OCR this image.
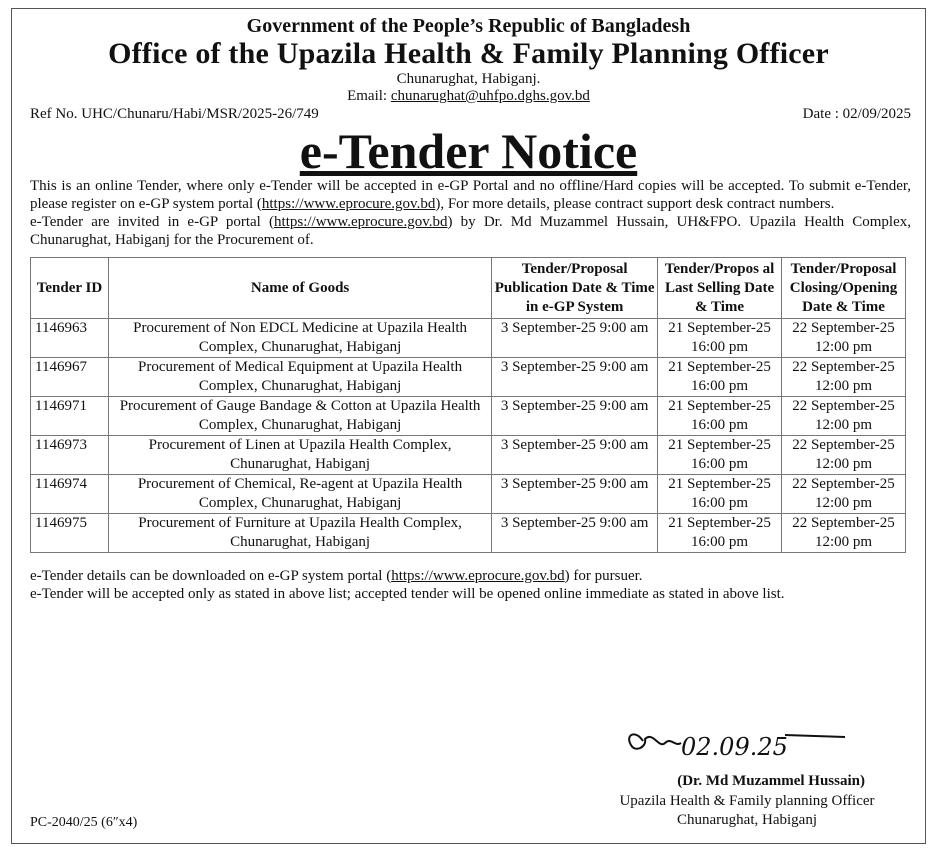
Government of the People’s Republic of Bangladesh
Office of the Upazila Health & Family Planning Officer
Chunarughat, Habiganj.
Email: chunarughat@uhfpo.dghs.gov.bd
Ref No. UHC/Chunaru/Habi/MSR/2025-26/749	Date : 02/09/2025
e-Tender Notice
This is an online Tender, where only e-Tender will be accepted in e-GP Portal and no offline/Hard copies will be accepted. To submit e-Tender, please register on e-GP system portal (https://www.eprocure.gov.bd), For more details, please contract support desk contract numbers.
e-Tender are invited in e-GP portal (https://www.eprocure.gov.bd) by Dr. Md Muzammel Hussain, UH&FPO. Upazila Health Complex, Chunarughat, Habiganj for the Procurement of.
Tender ID	Name of Goods	Tender/Proposal Publication Date & Time in e-GP System	Tender/Propos al Last Selling Date & Time	Tender/Proposal Closing/Opening Date & Time
1146963	Procurement of Non EDCL Medicine at Upazila Health Complex, Chunarughat, Habiganj	3 September-25 9:00 am	21 September-25 16:00 pm	22 September-25 12:00 pm
1146967	Procurement of Medical Equipment at Upazila Health Complex, Chunarughat, Habiganj	3 September-25 9:00 am	21 September-25 16:00 pm	22 September-25 12:00 pm
1146971	Procurement of Gauge Bandage & Cotton at Upazila Health Complex, Chunarughat, Habiganj	3 September-25 9:00 am	21 September-25 16:00 pm	22 September-25 12:00 pm
1146973	Procurement of Linen at Upazila Health Complex, Chunarughat, Habiganj	3 September-25 9:00 am	21 September-25 16:00 pm	22 September-25 12:00 pm
1146974	Procurement of Chemical, Re-agent at Upazila Health Complex, Chunarughat, Habiganj	3 September-25 9:00 am	21 September-25 16:00 pm	22 September-25 12:00 pm
1146975	Procurement of Furniture at Upazila Health Complex, Chunarughat, Habiganj	3 September-25 9:00 am	21 September-25 16:00 pm	22 September-25 12:00 pm
e-Tender details can be downloaded on e-GP system portal (https://www.eprocure.gov.bd) for pursuer.
e-Tender will be accepted only as stated in above list; accepted tender will be opened online immediate as stated in above list.
02.09.25
(Dr. Md Muzammel Hussain)
Upazila Health & Family planning Officer
Chunarughat, Habiganj
PC-2040/25 (6″x4)
